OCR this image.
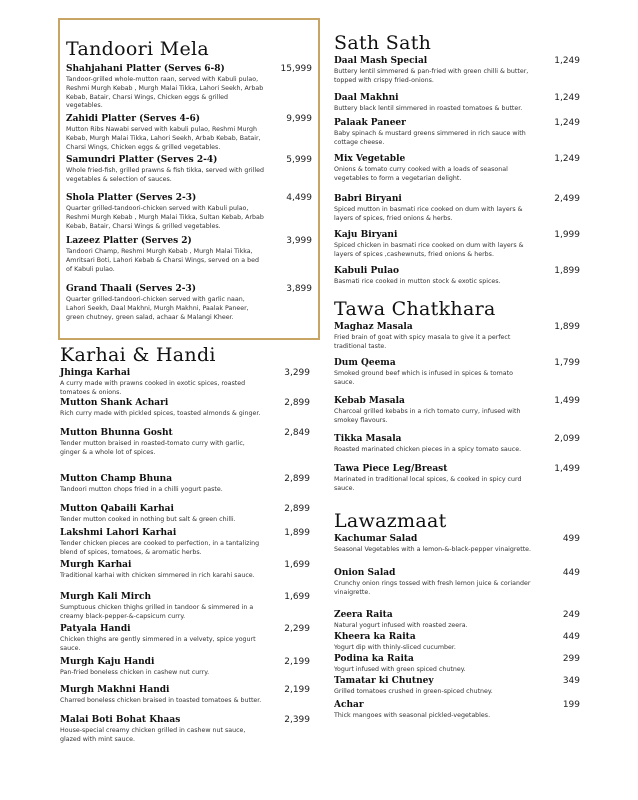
Tandoori Mela
Shahjahani Platter (Serves 6-8)	15,999
Tandoor-grilled whole-mutton raan, served with Kabuli pulao, Reshmi Murgh Kebab , Murgh Malai Tikka, Lahori Seekh, Arbab Kebab, Batair, Charsi Wings, Chicken eggs & grilled vegetables.
Zahidi Platter (Serves 4-6)	9,999
Mutton Ribs Nawabi served with kabuli pulao, Reshmi Murgh Kebab, Murgh Malai Tikka, Lahori Seekh, Arbab Kebab, Batair, Charsi Wings, Chicken eggs & grilled vegetables.
Samundri Platter (Serves 2-4)	5,999
Whole fried-fish, grilled prawns & fish tikka, served with grilled vegetables & selection of sauces.
Shola Platter (Serves 2-3)	4,499
Quarter grilled-tandoori-chicken served with Kabuli pulao, Reshmi Murgh Kebab , Murgh Malai Tikka, Sultan Kebab, Arbab Kebab, Batair, Charsi Wings & grilled vegetables.
Lazeez Platter (Serves 2)	3,999
Tandoori Champ, Reshmi Murgh Kebab , Murgh Malai Tikka, Amritsari Boti, Lahori Kebab & Charsi Wings, served on a bed of Kabuli pulao.
Grand Thaali (Serves 2-3)	3,899
Quarter grilled-tandoori-chicken served with garlic naan, Lahori Seekh, Daal Makhni, Murgh Makhni, Paalak Paneer, green chutney, green salad, achaar & Malangi Kheer.
Karhai & Handi
Jhinga Karhai	3,299
A curry made with prawns cooked in exotic spices, roasted tomatoes & onions.
Mutton Shank Achari	2,899
Rich curry made with pickled spices, toasted almonds & ginger.
Mutton Bhunna Gosht	2,849
Tender mutton braised in roasted-tomato curry with garlic, ginger & a whole lot of spices.
Mutton Champ Bhuna	2,899
Tandoori mutton chops fried in a chilli yogurt paste.
Mutton Qabaili Karhai	2,899
Tender mutton cooked in nothing but salt & green chilli.
Lakshmi Lahori Karhai	1,899
Tender chicken pieces are cooked to perfection, in a tantalizing blend of spices, tomatoes, & aromatic herbs.
Murgh Karhai	1,699
Traditional karhai with chicken simmered in rich karahi sauce.
Murgh Kali Mirch	1,699
Sumptuous chicken thighs grilled in tandoor & simmered in a creamy black-pepper-&-capsicum curry.
Patyala Handi	2,299
Chicken thighs are gently simmered in a velvety, spice yogurt sauce.
Murgh Kaju Handi	2,199
Pan-fried boneless chicken in cashew nut curry.
Murgh Makhni Handi	2,199
Charred boneless chicken braised in toasted tomatoes & butter.
Malai Boti Bohat Khaas	2,399
House-special creamy chicken grilled in cashew nut sauce, glazed with mint sauce.
Sath Sath
Daal Mash Special	1,249
Buttery lentil simmered & pan-fried with green chilli & butter, topped with crispy fried-onions.
Daal Makhni	1,249
Buttery black lentil simmered in roasted tomatoes & butter.
Palaak Paneer	1,249
Baby spinach & mustard greens simmered in rich sauce with cottage cheese.
Mix Vegetable	1,249
Onions & tomato curry cooked with a loads of seasonal vegetables to form a vegetarian delight.
Babri Biryani	2,499
Spiced mutton in basmati rice cooked on dum with layers & layers of spices, fried onions & herbs.
Kaju Biryani	1,999
Spiced chicken in basmati rice cooked on dum with layers & layers of spices ,cashewnuts, fried onions & herbs.
Kabuli Pulao	1,899
Basmati rice cooked in mutton stock & exotic spices.
Tawa Chatkhara
Maghaz Masala	1,899
Fried brain of goat with spicy masala to give it a perfect traditional taste.
Dum Qeema	1,799
Smoked ground beef which is infused in spices & tomato sauce.
Kebab Masala	1,499
Charcoal grilled kebabs in a rich tomato curry, infused with smokey flavours.
Tikka Masala	2,099
Roasted marinated chicken pieces in a spicy tomato sauce.
Tawa Piece Leg/Breast	1,499
Marinated in traditional local spices, & cooked in spicy curd sauce.
Lawazmaat
Kachumar Salad	499
Seasonal Vegetables with a lemon-&-black-pepper vinaigrette.
Onion Salad	449
Crunchy onion rings tossed with fresh lemon juice & coriander vinaigrette.
Zeera Raita	249
Natural yogurt infused with roasted zeera.
Kheera ka Raita	449
Yogurt dip with thinly-sliced cucumber.
Podina ka Raita	299
Yogurt infused with green spiced chutney.
Tamatar ki Chutney	349
Grilled tomatoes crushed in green-spiced chutney.
Achar	199
Thick mangoes with seasonal pickled-vegetables.
